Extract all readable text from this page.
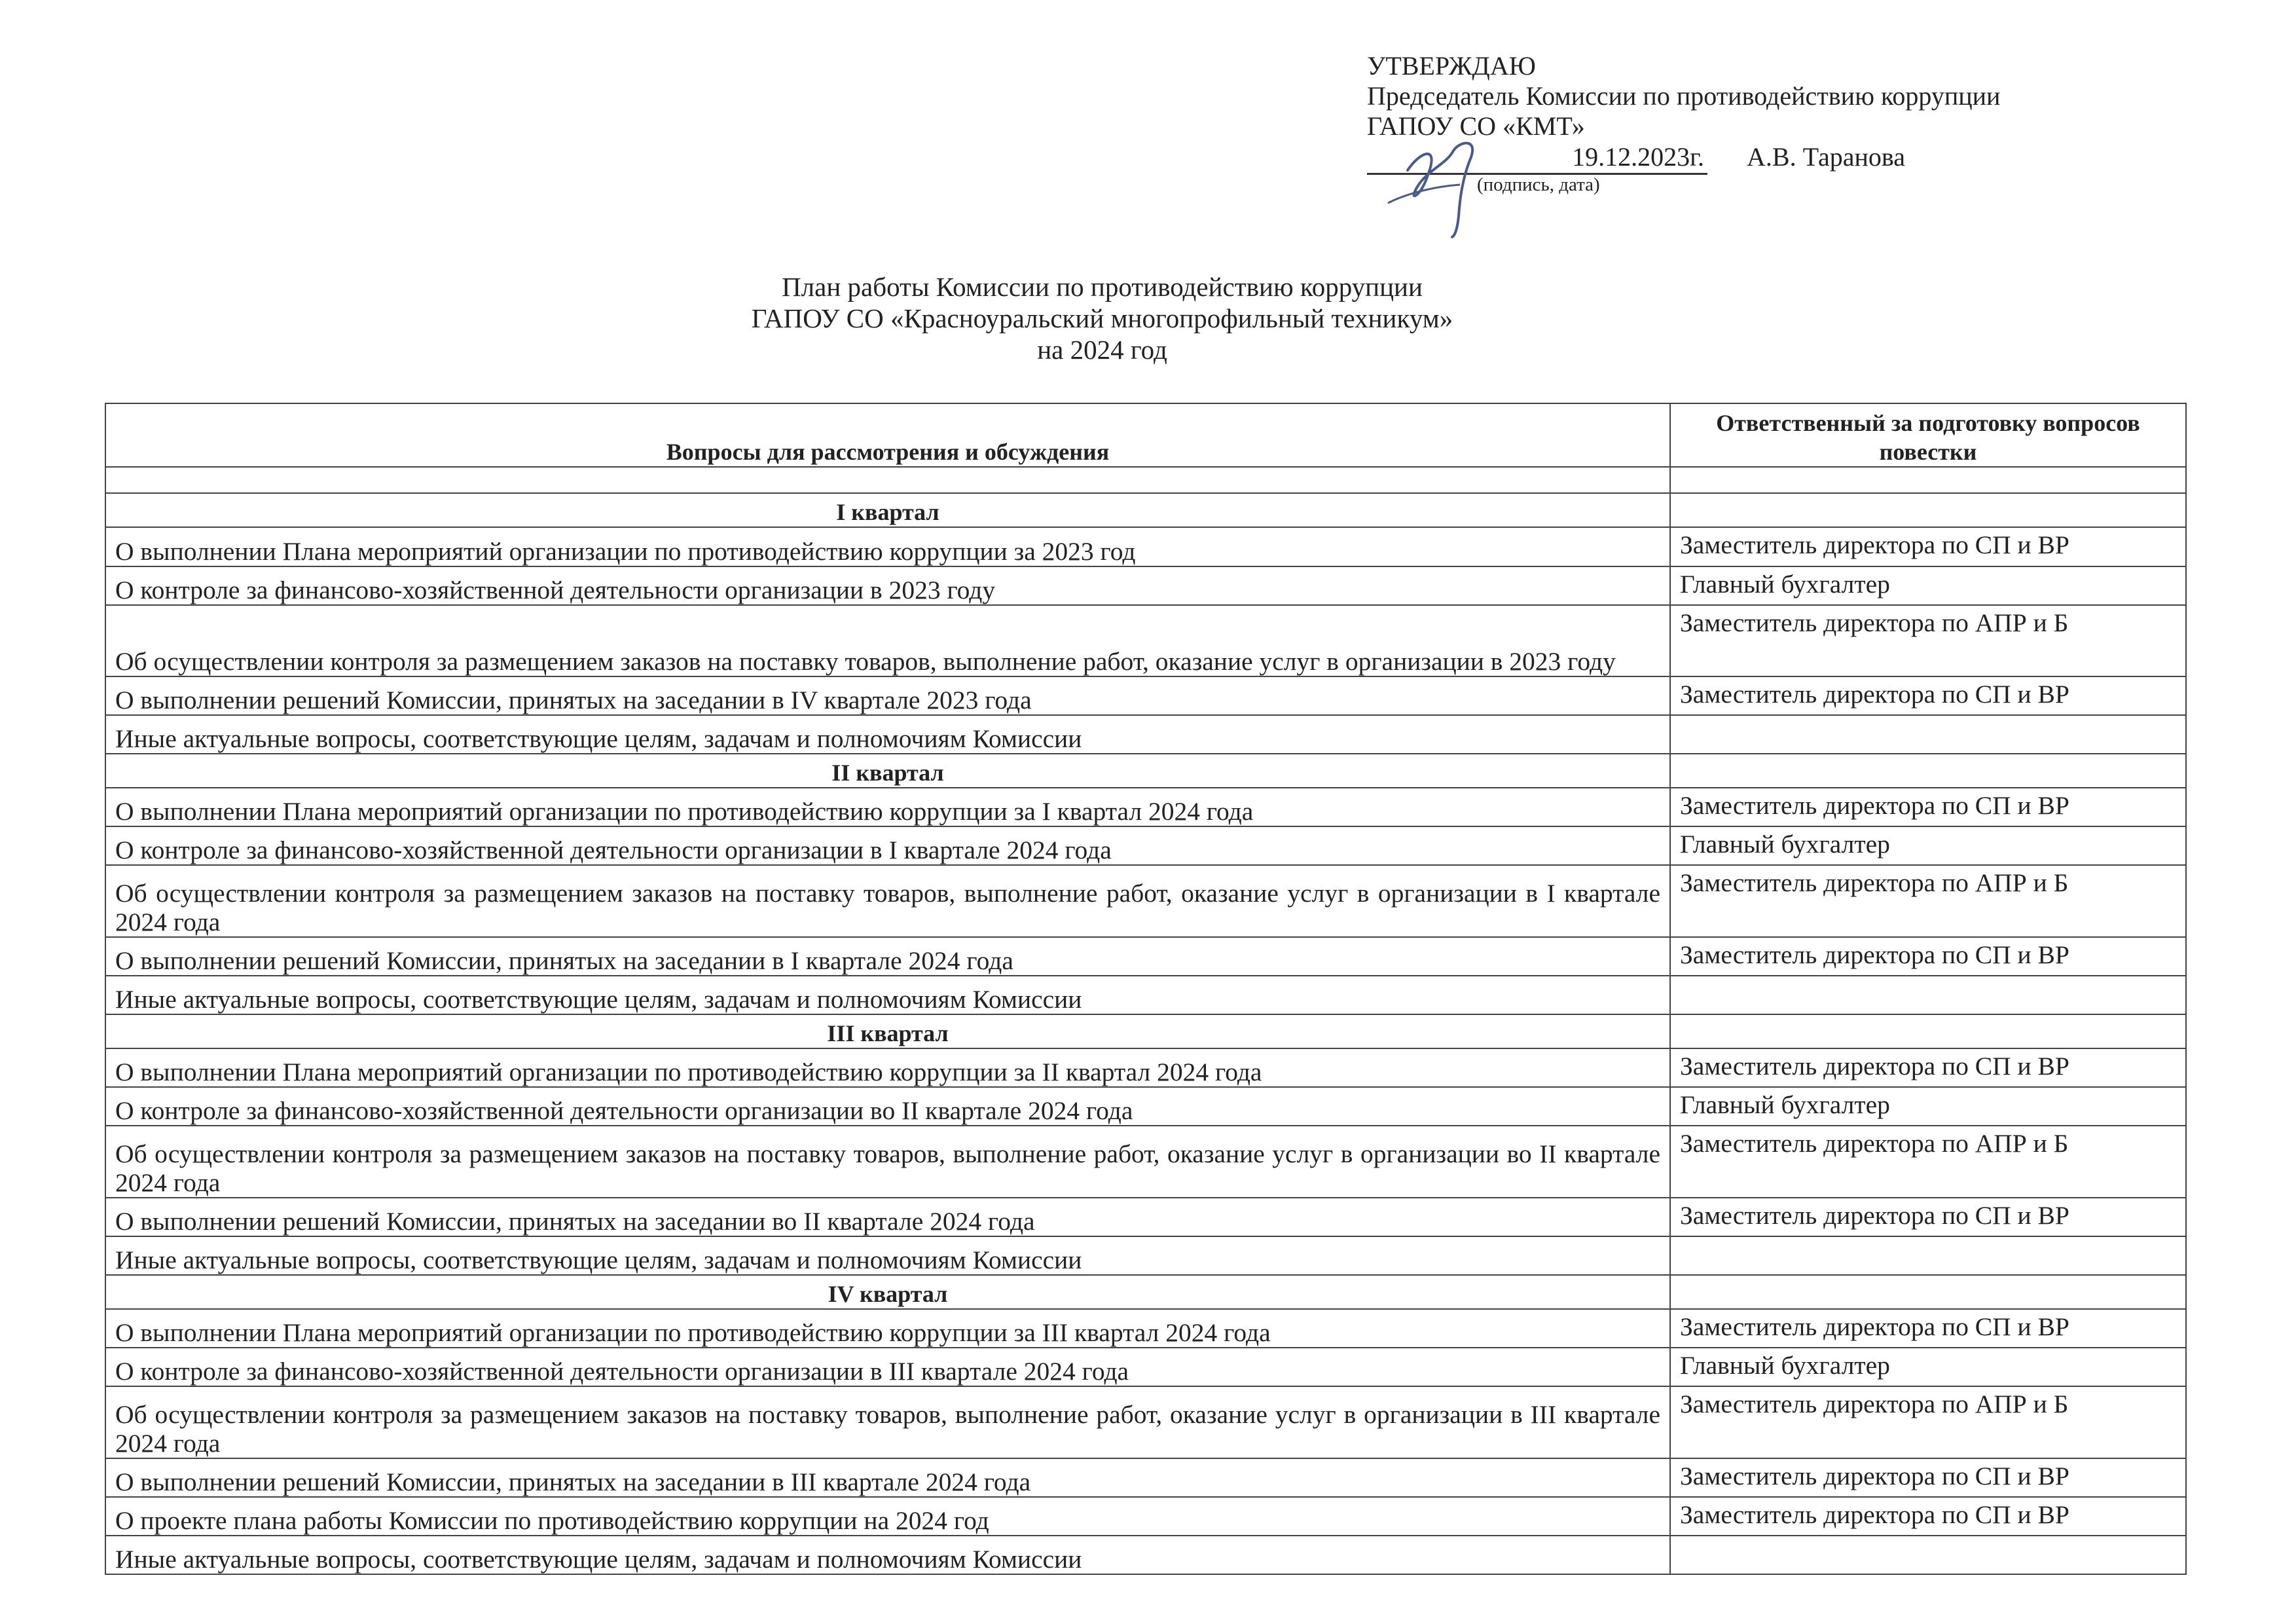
УТВЕРЖДАЮ
Председатель Комиссии по противодействию коррупции
ГАПОУ СО «КМТ»
19.12.2023г. А.В. Таранова
(подпись, дата)
План работы Комиссии по противодействию коррупции
ГАПОУ СО «Красноуральский многопрофильный техникум»
на 2024 год
Вопросы для рассмотрения и обсуждения	Ответственный за подготовку вопросов повестки

I квартал	
О выполнении Плана мероприятий организации по противодействию коррупции за 2023 год	Заместитель директора по СП и ВР
О контроле за финансово-хозяйственной деятельности организации в 2023 году	Главный бухгалтер
Об осуществлении контроля за размещением заказов на поставку товаров, выполнение работ, оказание услуг в организации в 2023 году	Заместитель директора по АПР и Б
О выполнении решений Комиссии, принятых на заседании в IV квартале 2023 года	Заместитель директора по СП и ВР
Иные актуальные вопросы, соответствующие целям, задачам и полномочиям Комиссии	
II квартал	
О выполнении Плана мероприятий организации по противодействию коррупции за I квартал 2024 года	Заместитель директора по СП и ВР
О контроле за финансово-хозяйственной деятельности организации в I квартале 2024 года	Главный бухгалтер
Об осуществлении контроля за размещением заказов на поставку товаров, выполнение работ, оказание услуг в организации в I квартале 2024 года	Заместитель директора по АПР и Б
О выполнении решений Комиссии, принятых на заседании в I квартале 2024 года	Заместитель директора по СП и ВР
Иные актуальные вопросы, соответствующие целям, задачам и полномочиям Комиссии	
III квартал	
О выполнении Плана мероприятий организации по противодействию коррупции за II квартал 2024 года	Заместитель директора по СП и ВР
О контроле за финансово-хозяйственной деятельности организации во II квартале 2024 года	Главный бухгалтер
Об осуществлении контроля за размещением заказов на поставку товаров, выполнение работ, оказание услуг в организации во II квартале 2024 года	Заместитель директора по АПР и Б
О выполнении решений Комиссии, принятых на заседании во II квартале 2024 года	Заместитель директора по СП и ВР
Иные актуальные вопросы, соответствующие целям, задачам и полномочиям Комиссии	
IV квартал	
О выполнении Плана мероприятий организации по противодействию коррупции за III квартал 2024 года	Заместитель директора по СП и ВР
О контроле за финансово-хозяйственной деятельности организации в III квартале 2024 года	Главный бухгалтер
Об осуществлении контроля за размещением заказов на поставку товаров, выполнение работ, оказание услуг в организации в III квартале 2024 года	Заместитель директора по АПР и Б
О выполнении решений Комиссии, принятых на заседании в III квартале 2024 года	Заместитель директора по СП и ВР
О проекте плана работы Комиссии по противодействию коррупции на 2024 год	Заместитель директора по СП и ВР
Иные актуальные вопросы, соответствующие целям, задачам и полномочиям Комиссии	
